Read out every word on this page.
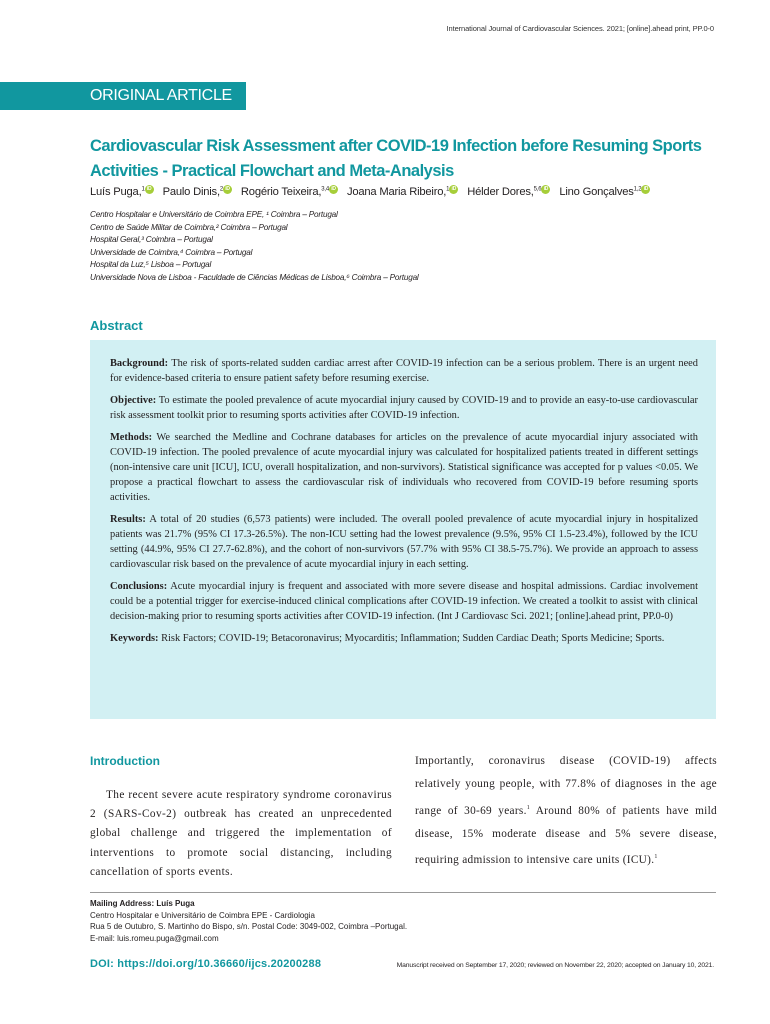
International Journal of Cardiovascular Sciences. 2021; [online].ahead print, PP.0-0
ORIGINAL ARTICLE
Cardiovascular Risk Assessment after COVID-19 Infection before Resuming Sports Activities - Practical Flowchart and Meta-Analysis
Luís Puga,$^1$ iD Paulo Dinis,$^2$ iD Rogério Teixeira,$^{3,4}$ iD Joana Maria Ribeiro,$^1$ iD Hélder Dores,$^{5,6}$ iD Lino Gonçalves$^{1,2}$ iD
Centro Hospitalar e Universitário de Coimbra EPE, ¹ Coimbra – Portugal
Centro de Saúde Militar de Coimbra,² Coimbra – Portugal
Hospital Geral,³ Coimbra – Portugal
Universidade de Coimbra,⁴ Coimbra – Portugal
Hospital da Luz,⁵ Lisboa – Portugal
Universidade Nova de Lisboa - Faculdade de Ciências Médicas de Lisboa,⁶ Coimbra – Portugal
Abstract

Background: The risk of sports-related sudden cardiac arrest after COVID-19 infection can be a serious problem. There is an urgent need for evidence-based criteria to ensure patient safety before resuming exercise.

Objective: To estimate the pooled prevalence of acute myocardial injury caused by COVID-19 and to provide an easy-to-use cardiovascular risk assessment toolkit prior to resuming sports activities after COVID-19 infection.

Methods: We searched the Medline and Cochrane databases for articles on the prevalence of acute myocardial injury associated with COVID-19 infection. The pooled prevalence of acute myocardial injury was calculated for hospitalized patients treated in different settings (non-intensive care unit [ICU], ICU, overall hospitalization, and non-survivors). Statistical significance was accepted for p values <0.05. We propose a practical flowchart to assess the cardiovascular risk of individuals who recovered from COVID-19 before resuming sports activities.

Results: A total of 20 studies (6,573 patients) were included. The overall pooled prevalence of acute myocardial injury in hospitalized patients was 21.7% (95% CI 17.3-26.5%). The non-ICU setting had the lowest prevalence (9.5%, 95% CI 1.5-23.4%), followed by the ICU setting (44.9%, 95% CI 27.7-62.8%), and the cohort of non-survivors (57.7% with 95% CI 38.5-75.7%). We provide an approach to assess cardiovascular risk based on the prevalence of acute myocardial injury in each setting.

Conclusions: Acute myocardial injury is frequent and associated with more severe disease and hospital admissions. Cardiac involvement could be a potential trigger for exercise-induced clinical complications after COVID-19 infection. We created a toolkit to assist with clinical decision-making prior to resuming sports activities after COVID-19 infection. (Int J Cardiovasc Sci. 2021; [online].ahead print, PP.0-0)

Keywords: Risk Factors; COVID-19; Betacoronavirus; Myocarditis; Inflammation; Sudden Cardiac Death; Sports Medicine; Sports.

Introduction

The recent severe acute respiratory syndrome coronavirus 2 (SARS-Cov-2) outbreak has created an unprecedented global challenge and triggered the implementation of interventions to promote social distancing, including cancellation of sports events.

Importantly, coronavirus disease (COVID-19) affects relatively young people, with 77.8% of diagnoses in the age range of 30-69 years.$^1$ Around 80% of patients have mild disease, 15% moderate disease and 5% severe disease, requiring admission to intensive care units (ICU).$^1$

Mailing Address: Luís Puga
Centro Hospitalar e Universitário de Coimbra EPE - Cardiologia
Rua 5 de Outubro, S. Martinho do Bispo, s/n. Postal Code: 3049-002, Coimbra –Portugal.
E-mail: luis.romeu.puga@gmail.com
DOI: https://doi.org/10.36660/ijcs.20200288	Manuscript received on September 17, 2020; reviewed on November 22, 2020; accepted on January 10, 2021.
